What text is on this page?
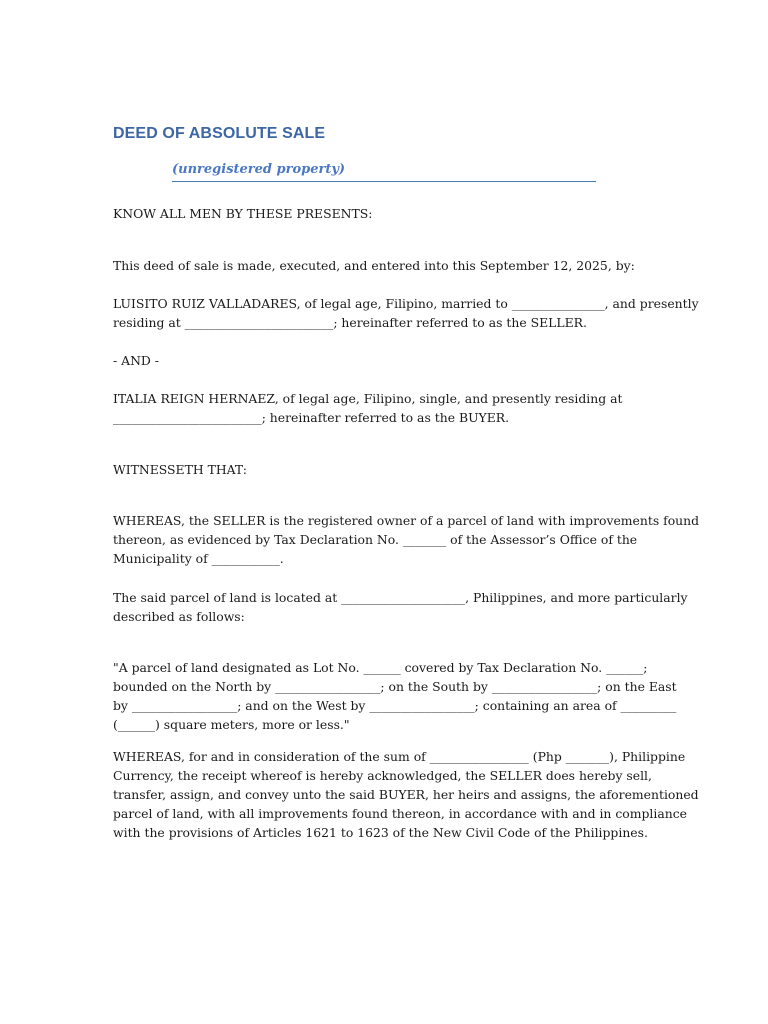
DEED OF ABSOLUTE SALE
(unregistered property)

KNOW ALL MEN BY THESE PRESENTS:

This deed of sale is made, executed, and entered into this September 12, 2025, by:

LUISITO RUIZ VALLADARES, of legal age, Filipino, married to _______________, and presently
residing at ________________________; hereinafter referred to as the SELLER.

- AND -

ITALIA REIGN HERNAEZ, of legal age, Filipino, single, and presently residing at
________________________; hereinafter referred to as the BUYER.

WITNESSETH THAT:

WHEREAS, the SELLER is the registered owner of a parcel of land with improvements found
thereon, as evidenced by Tax Declaration No. _______ of the Assessor’s Office of the
Municipality of ___________.

The said parcel of land is located at ____________________, Philippines, and more particularly
described as follows:

"A parcel of land designated as Lot No. ______ covered by Tax Declaration No. ______;
bounded on the North by _________________; on the South by _________________; on the East
by _________________; and on the West by _________________; containing an area of _________
(______) square meters, more or less."

WHEREAS, for and in consideration of the sum of ________________ (Php _______), Philippine
Currency, the receipt whereof is hereby acknowledged, the SELLER does hereby sell,
transfer, assign, and convey unto the said BUYER, her heirs and assigns, the aforementioned
parcel of land, with all improvements found thereon, in accordance with and in compliance
with the provisions of Articles 1621 to 1623 of the New Civil Code of the Philippines.
